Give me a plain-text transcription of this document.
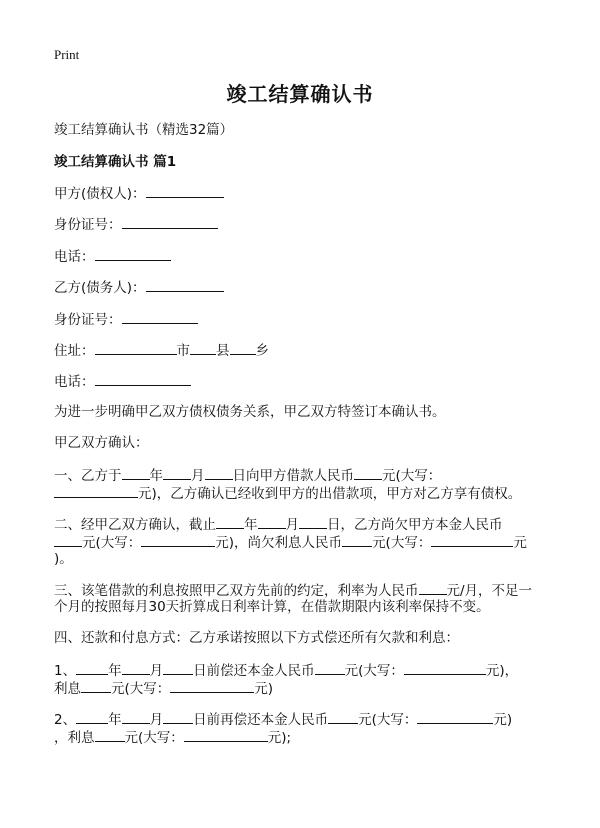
Print
竣工结算确认书
竣工结算确认书（精选32篇）
竣工结算确认书 篇1
甲方(债权人)：
身份证号：
电话：
乙方(债务人)：
身份证号：
住址：	市 县 乡
电话：
为进一步明确甲乙双方债权债务关系，甲乙双方特签订本确认书。
甲乙双方确认：
一、乙方于 年 月 日向甲方借款人民币 元(大写：
元)，乙方确认已经收到甲方的出借款项，甲方对乙方享有债权。
二、经甲乙双方确认，截止 年 月 日，乙方尚欠甲方本金人民币
元(大写：	元)，尚欠利息人民币 元(大写：	元
)。
三、该笔借款的利息按照甲乙双方先前的约定，利率为人民币 元/月，不足一
个月的按照每月30天折算成日利率计算，在借款期限内该利率保持不变。
四、还款和付息方式：乙方承诺按照以下方式偿还所有欠款和利息：
1、 年 月 日前偿还本金人民币 元(大写：	元)，
利息 元(大写：	元)
2、 年 月 日前再偿还本金人民币 元(大写：	元)
，利息 元(大写：	元);
